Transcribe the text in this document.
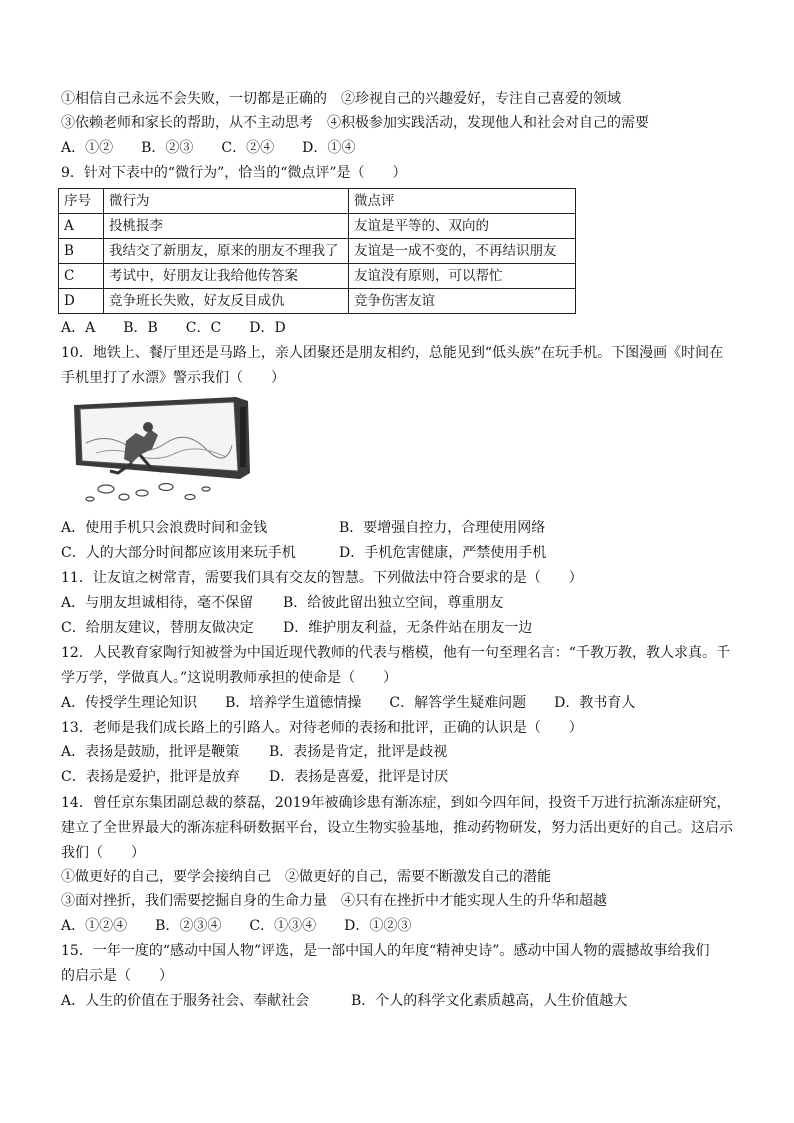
①相信自己永远不会失败，一切都是正确的　②珍视自己的兴趣爱好，专注自己喜爱的领域
③依赖老师和家长的帮助，从不主动思考　④积极参加实践活动，发现他人和社会对自己的需要
A．①②　　B．②③　　C．②④　　D．①④
9．针对下表中的“微行为”，恰当的“微点评”是（　　）
序号	微行为	微点评
A	投桃报李	友谊是平等的、双向的
B	我结交了新朋友，原来的朋友不理我了	友谊是一成不变的，不再结识朋友
C	考试中，好朋友让我给他传答案	友谊没有原则，可以帮忙
D	竞争班长失败，好友反目成仇	竞争伤害友谊
A．A　　B．B　　C．C　　D．D
10．地铁上、餐厅里还是马路上，亲人团聚还是朋友相约，总能见到“低头族”在玩手机。下图漫画《时间在
手机里打了水漂》警示我们（　　）
A．使用手机只会浪费时间和金钱	B．要增强自控力，合理使用网络
C．人的大部分时间都应该用来玩手机	D．手机危害健康，严禁使用手机
11．让友谊之树常青，需要我们具有交友的智慧。下列做法中符合要求的是（　　）
A．与朋友坦诚相待，毫不保留 B．给彼此留出独立空间，尊重朋友
C．给朋友建议，替朋友做决定 D．维护朋友利益，无条件站在朋友一边
12．人民教育家陶行知被誉为中国近现代教师的代表与楷模，他有一句至理名言：“千教万教，教人求真。千
学万学，学做真人。”这说明教师承担的使命是（　　）
A．传授学生理论知识　　B．培养学生道德情操　　C．解答学生疑难问题　　D．教书育人
13．老师是我们成长路上的引路人。对待老师的表扬和批评，正确的认识是（　　）
A．表扬是鼓励，批评是鞭策 B．表扬是肯定，批评是歧视
C．表扬是爱护，批评是放弃 D．表扬是喜爱，批评是讨厌
14．曾任京东集团副总裁的蔡磊，2019年被确诊患有渐冻症，到如今四年间，投资千万进行抗渐冻症研究，
建立了全世界最大的渐冻症科研数据平台，设立生物实验基地，推动药物研发，努力活出更好的自己。这启示
我们（　　）
①做更好的自己，要学会接纳自己　②做更好的自己，需要不断激发自己的潜能
③面对挫折，我们需要挖掘自身的生命力量　④只有在挫折中才能实现人生的升华和超越
A．①②④　　B．②③④　　C．①③④　　D．①②③
15．一年一度的“感动中国人物”评选，是一部中国人的年度“精神史诗”。感动中国人物的震撼故事给我们
的启示是（　　）
A．人生的价值在于服务社会、奉献社会	B．个人的科学文化素质越高，人生价值越大
